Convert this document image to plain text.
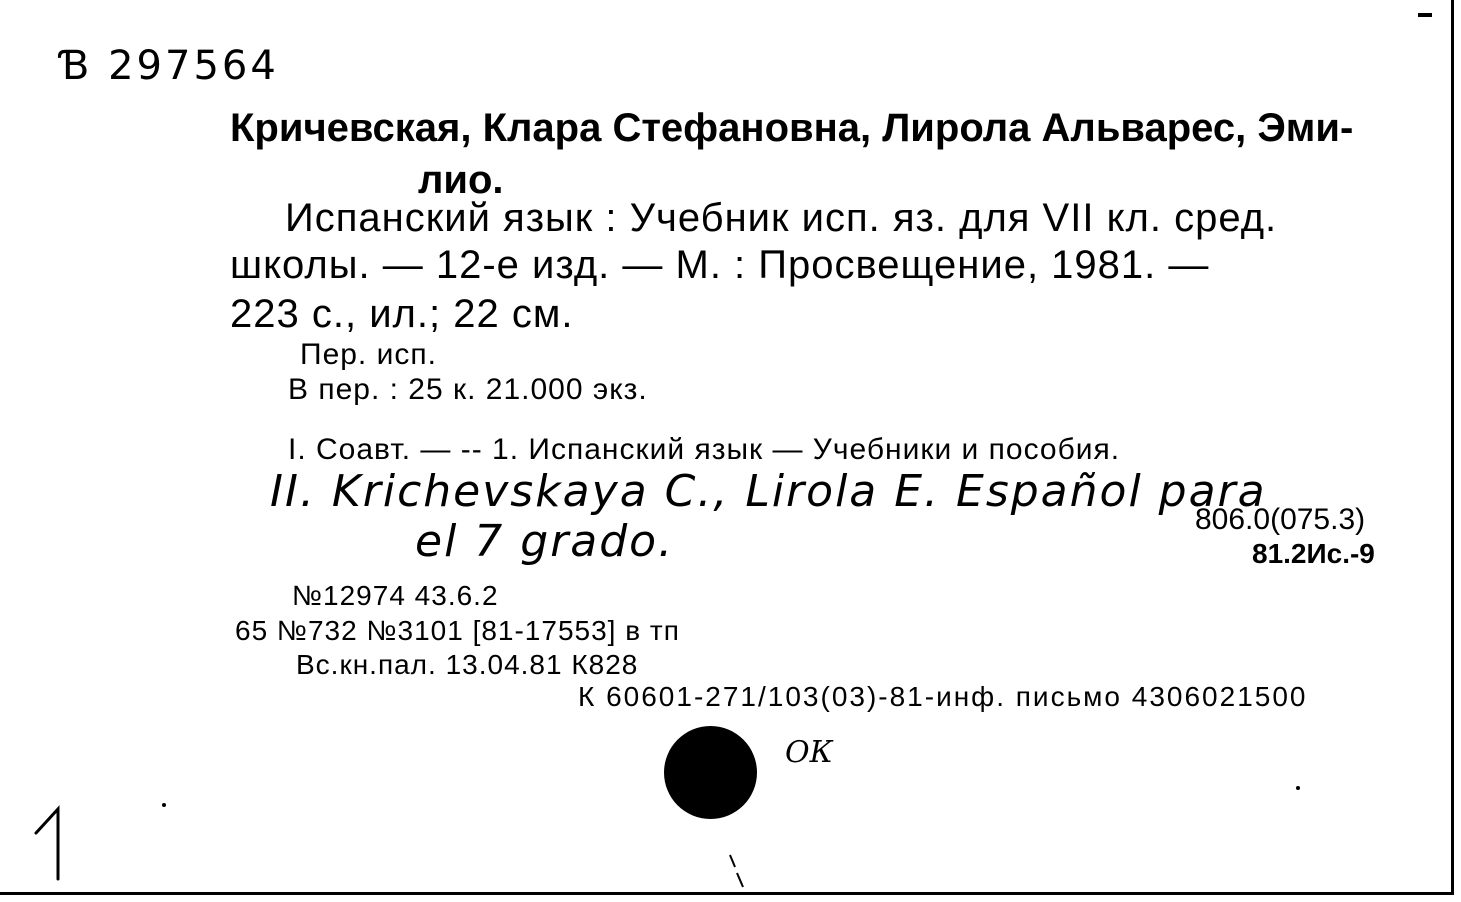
Ɓ 297564
Кричевская, Клара Стефановна, Лирола Альварес, Эми-
лио.
Испанский язык : Учебник исп. яз. для VII кл. сред.
школы. — 12-е изд. — М. : Просвещение, 1981. —
223 с., ил.; 22 см.
Пер. исп.
В пер. : 25 к. 21.000 экз.
I. Соавт. — -- 1. Испанский язык — Учебники и пособия.
II. Krichevskaya C., Lirola E. Español para
el 7 grado.	806.0(075.3)
81.2Ис.-9
№12974 43.6.2
65 №732 №3101 [81-17553] в тп
Вс.кн.пал. 13.04.81 К828
К 60601-271/103(03)-81-инф. письмо 4306021500
ОК
